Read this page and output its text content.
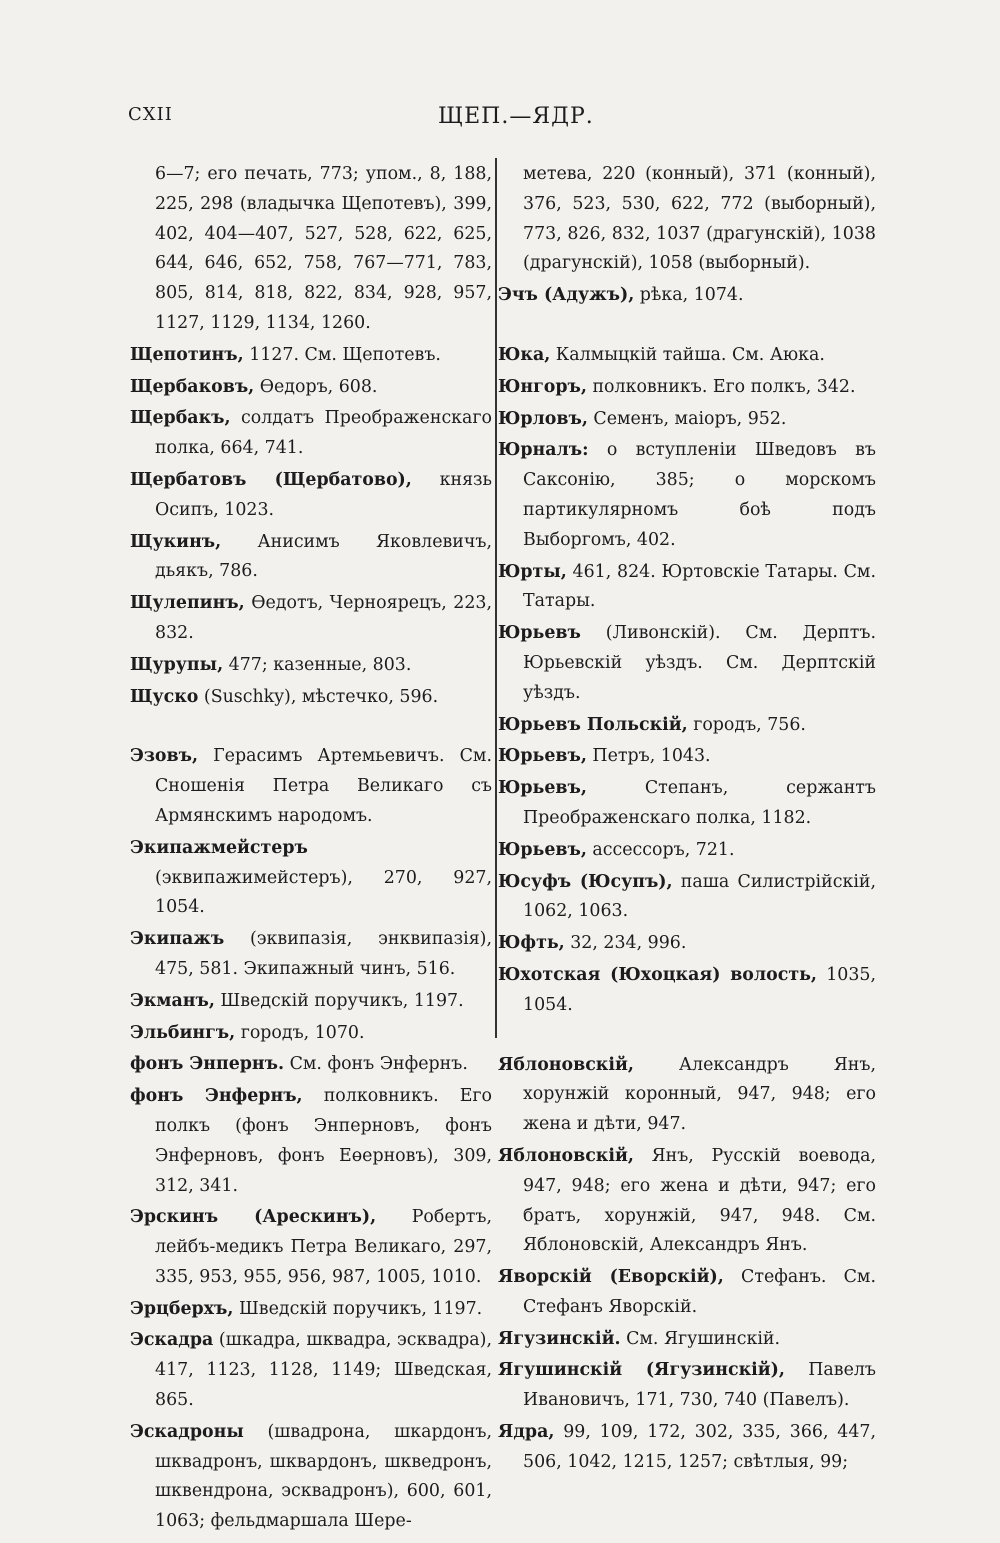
CXII	ЩЕП.—ЯДР.

6—7; его печать, 773; упом., 8, 188, 225, 298 (владычка Щепотевъ), 399, 402, 404—407, 527, 528, 622, 625, 644, 646, 652, 758, 767—771, 783, 805, 814, 818, 822, 834, 928, 957, 1127, 1129, 1134, 1260.

Щепотинъ, 1127. См. Щепотевъ.

Щербаковъ, Өедоръ, 608.

Щербакъ, солдатъ Преображенскаго полка, 664, 741.

Щербатовъ (Щербатово), князь Осипъ, 1023.

Щукинъ, Анисимъ Яковлевичъ, дьякъ, 786.

Щулепинъ, Өедотъ, Черноярецъ, 223, 832.

Щурупы, 477; казенные, 803.

Щуско (Suschky), мѣстечко, 596.

Эзовъ, Герасимъ Артемьевичъ. См. Сношенія Петра Великаго съ Армянскимъ народомъ.

Экипажмейстеръ (эквипажимейстеръ), 270, 927, 1054.

Экипажъ (эквипазія, энквипазія), 475, 581. Экипажный чинъ, 516.

Экманъ, Шведскій поручикъ, 1197.

Эльбингъ, городъ, 1070.

фонъ Энпернъ. См. фонъ Энфернъ.

фонъ Энфернъ, полковникъ. Его полкъ (фонъ Энперновъ, фонъ Энферновъ, фонъ Еөерновъ), 309, 312, 341.

Эрскинъ (Арескинъ), Робертъ, лейбъ-медикъ Петра Великаго, 297, 335, 953, 955, 956, 987, 1005, 1010.

Эрцберхъ, Шведскій поручикъ, 1197.

Эскадра (шкадра, шквадра, эсквадра), 417, 1123, 1128, 1149; Шведская, 865.

Эскадроны (швадрона, шкардонъ, шквадронъ, шквардонъ, шкведронъ, шквендрона, эсквадронъ), 600, 601, 1063; фельдмаршала Шере-

метева, 220 (конный), 371 (конный), 376, 523, 530, 622, 772 (выборный), 773, 826, 832, 1037 (драгунскій), 1038 (драгунскій), 1058 (выборный).

Эчъ (Адужъ), рѣка, 1074.

Юка, Калмыцкій тайша. См. Аюка.

Юнгоръ, полковникъ. Его полкъ, 342.

Юрловъ, Семенъ, маіоръ, 952.

Юрналъ: о вступленіи Шведовъ въ Саксонію, 385; о морскомъ партикулярномъ боѣ подъ Выборгомъ, 402.

Юрты, 461, 824. Юртовскіе Татары. См. Татары.

Юрьевъ (Ливонскій). См. Дерптъ. Юрьевскій уѣздъ. См. Дерптскій уѣздъ.

Юрьевъ Польскій, городъ, 756.

Юрьевъ, Петръ, 1043.

Юрьевъ, Степанъ, сержантъ Преображенскаго полка, 1182.

Юрьевъ, ассессоръ, 721.

Юсуфъ (Юсупъ), паша Силистрійскій, 1062, 1063.

Юфть, 32, 234, 996.

Юхотская (Юхоцкая) волость, 1035, 1054.

Яблоновскій, Александръ Янъ, хорунжій коронный, 947, 948; его жена и дѣти, 947.

Яблоновскій, Янъ, Русскій воевода, 947, 948; его жена и дѣти, 947; его братъ, хорунжій, 947, 948. См. Яблоновскій, Александръ Янъ.

Яворскій (Еворскій), Стефанъ. См. Стефанъ Яворскій.

Ягузинскій. См. Ягушинскій.

Ягушинскій (Ягузинскій), Павелъ Ивановичъ, 171, 730, 740 (Павелъ).

Ядра, 99, 109, 172, 302, 335, 366, 447, 506, 1042, 1215, 1257; свѣтлыя, 99;
